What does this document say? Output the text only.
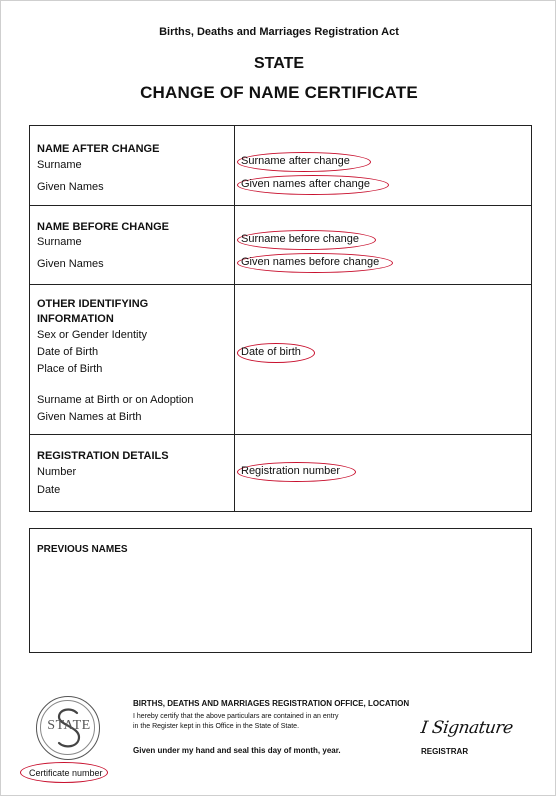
Births, Deaths and Marriages Registration Act
STATE
CHANGE OF NAME CERTIFICATE
NAME AFTER CHANGE
Surname
Given Names
Surname after change
Given names after change
NAME BEFORE CHANGE
Surname
Given Names
Surname before change
Given names before change
OTHER IDENTIFYING
INFORMATION
Sex or Gender Identity
Date of Birth
Place of Birth
Surname at Birth or on Adoption
Given Names at Birth
Date of birth
REGISTRATION DETAILS
Number
Date
Registration number
PREVIOUS NAMES
STATE
Certificate number
BIRTHS, DEATHS AND MARRIAGES REGISTRATION OFFICE, LOCATION
I hereby certify that the above particulars are contained in an entry
in the Register kept in this Office in the State of State.
Given under my hand and seal this day of month, year.
I Signature
REGISTRAR
